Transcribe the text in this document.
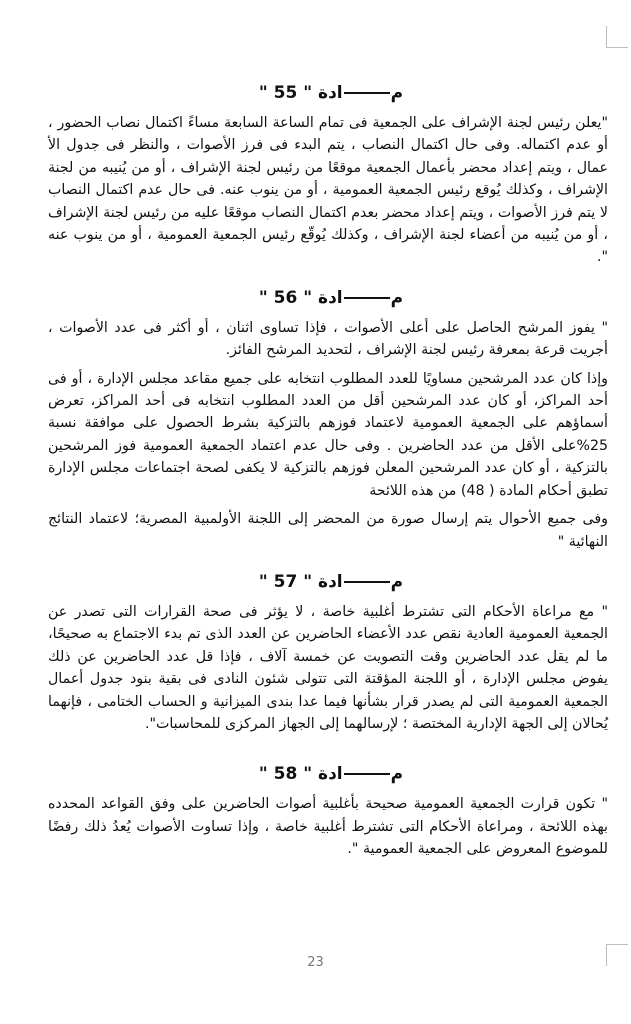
مادة " 55 "

"يعلن رئيس لجنة الإشراف على الجمعية فى تمام الساعة السابعة مساءً اكتمال نصاب الحضور ، أو عدم اكتماله. وفى حال اكتمال النصاب ، يتم البدء فى فرز الأصوات ، والنظر فى جدول الأ عمال ، ويتم إعداد محضر بأعمال الجمعية موقعًا من رئيس لجنة الإشراف ، أو من يُنيبه من لجنة الإشراف ، وكذلك يُوقع رئيس الجمعية العمومية ، أو من ينوب عنه. فى حال عدم اكتمال النصاب لا يتم فرز الأصوات ، ويتم إعداد محضر بعدم اكتمال النصاب موقعًا عليه من رئيس لجنة الإشراف ، أو من يُنيبه من أعضاء لجنة الإشراف ، وكذلك يُوقّع رئيس الجمعية العمومية ، أو من ينوب عنه ".

مادة " 56 "

" يفوز المرشح الحاصل على أعلى الأصوات ، فإذا تساوى اثنان ، أو أكثر فى عدد الأصوات ، أجريت قرعة بمعرفة رئيس لجنة الإشراف ، لتحديد المرشح الفائز.

وإذا كان عدد المرشحين مساويًا للعدد المطلوب انتخابه على جميع مقاعد مجلس الإدارة ، أو فى أحد المراكز، أو كان عدد المرشحين أقل من العدد المطلوب انتخابه فى أحد المراكز، تعرض أسماؤهم على الجمعية العمومية لاعتماد فوزهم بالتزكية بشرط الحصول على موافقة نسبة 25%على الأقل من عدد الحاضرين . وفى حال عدم اعتماد الجمعية العمومية فوز المرشحين بالتزكية ، أو كان عدد المرشحين المعلن فوزهم بالتزكية لا يكفى لصحة اجتماعات مجلس الإدارة تطبق أحكام المادة ( 48) من هذه اللائحة

وفى جميع الأحوال يتم إرسال صورة من المحضر إلى اللجنة الأولمبية المصرية؛ لاعتماد النتائج النهائية "

مادة " 57 "

" مع مراعاة الأحكام التى تشترط أغلبية خاصة ، لا يؤثر فى صحة القرارات التى تصدر عن الجمعية العمومية العادية نقص عدد الأعضاء الحاضرين عن العدد الذى تم بدء الاجتماع به صحيحًا، ما لم يقل عدد الحاضرين وقت التصويت عن خمسة آلاف ، فإذا قل عدد الحاضرين عن ذلك يفوض مجلس الإدارة ، أو اللجنة المؤقتة التى تتولى شئون النادى فى بقية بنود جدول أعمال الجمعية العمومية التى لم يصدر قرار بشأنها فيما عدا بندى الميزانية و الحساب الختامى ، فإنهما يُحالان إلى الجهة الإدارية المختصة ؛ لإرسالهما إلى الجهاز المركزى للمحاسبات".

مادة " 58 "

" تكون قرارت الجمعية العمومية صحيحة بأغلبية أصوات الحاضرين على وفق القواعد المحدده بهذه اللائحة ، ومراعاة الأحكام التى تشترط أغلبية خاصة ، وإذا تساوت الأصوات يُعدُ ذلك رفضًا للموضوع المعروض على الجمعية العمومية ".

23
